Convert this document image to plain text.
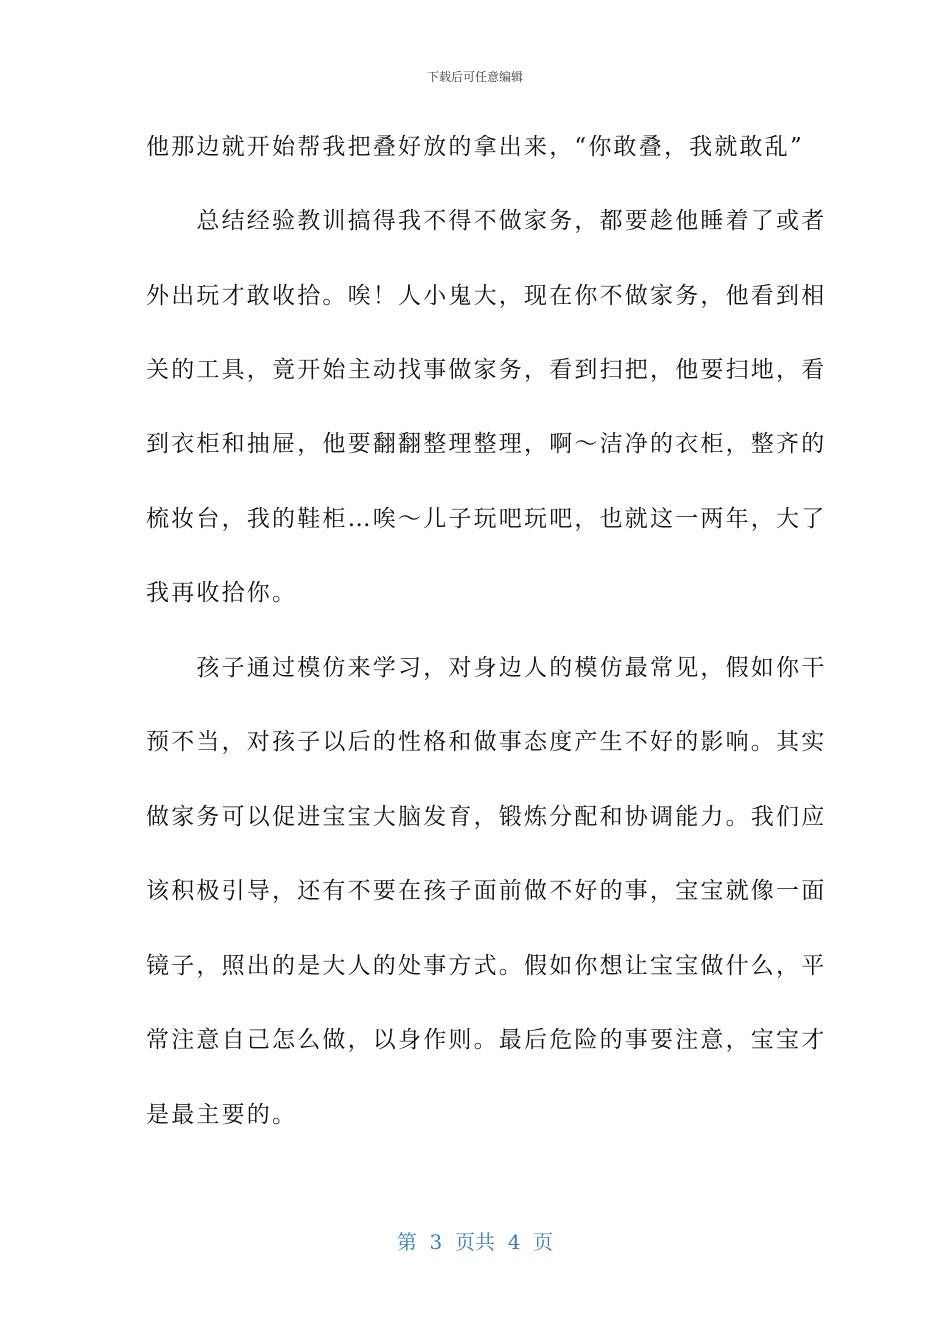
下载后可任意编辑
他那边就开始帮我把叠好放的拿出来，“你敢叠，我就敢乱”
　　总结经验教训搞得我不得不做家务，都要趁他睡着了或者
外出玩才敢收拾。唉！人小鬼大，现在你不做家务，他看到相
关的工具，竟开始主动找事做家务，看到扫把，他要扫地，看
到衣柜和抽屉，他要翻翻整理整理，啊～洁净的衣柜，整齐的
梳妆台，我的鞋柜…唉～儿子玩吧玩吧，也就这一两年，大了
我再收拾你。
　　孩子通过模仿来学习，对身边人的模仿最常见，假如你干
预不当，对孩子以后的性格和做事态度产生不好的影响。其实
做家务可以促进宝宝大脑发育，锻炼分配和协调能力。我们应
该积极引导，还有不要在孩子面前做不好的事，宝宝就像一面
镜子，照出的是大人的处事方式。假如你想让宝宝做什么，平
常注意自己怎么做，以身作则。最后危险的事要注意，宝宝才
是最主要的。
第  3  页共  4  页
